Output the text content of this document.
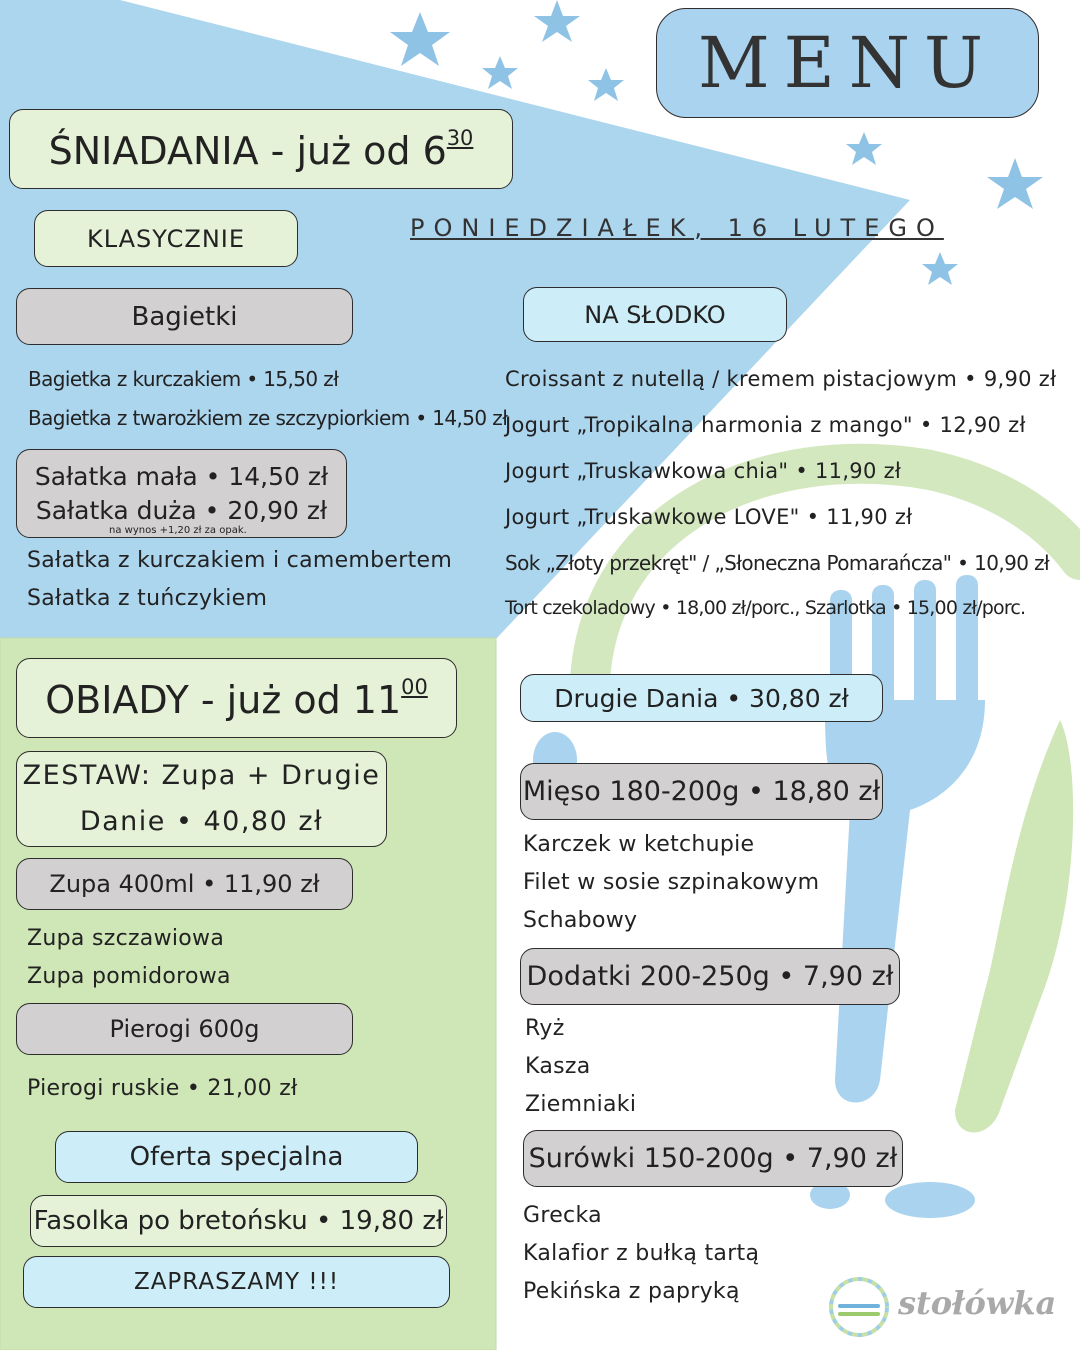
MENU
ŚNIADANIA - już od $6^{30}$
KLASYCZNIE	PONIEDZIAŁEK, 16 LUTEGO
Bagietki	NA SŁODKO
Bagietka z kurczakiem • 15,50 zł
Bagietka z twarożkiem ze szczypiorkiem • 14,50 zł
Sałatka mała • 14,50 zł
Sałatka duża • 20,90 zł
na wynos +1,20 zł za opak.
Sałatka z kurczakiem i camembertem
Sałatka z tuńczykiem
Croissant z nutellą / kremem pistacjowym • 9,90 zł
Jogurt „Tropikalna harmonia z mango" • 12,90 zł
Jogurt „Truskawkowa chia" • 11,90 zł
Jogurt „Truskawkowe LOVE" • 11,90 zł
Sok „Złoty przekręt" / „Słoneczna Pomarańcza" • 10,90 zł
Tort czekoladowy • 18,00 zł/porc., Szarlotka • 15,00 zł/porc.
OBIADY - już od $11^{00}$
ZESTAW: Zupa + Drugie
Danie • 40,80 zł
Zupa 400ml • 11,90 zł
Zupa szczawiowa
Zupa pomidorowa
Pierogi 600g
Pierogi ruskie • 21,00 zł
Oferta specjalna
Fasolka po bretońsku • 19,80 zł
ZAPRASZAMY !!!
Drugie Dania • 30,80 zł
Mięso 180-200g • 18,80 zł
Karczek w ketchupie
Filet w sosie szpinakowym
Schabowy
Dodatki 200-250g • 7,90 zł
Ryż
Kasza
Ziemniaki
Surówki 150-200g • 7,90 zł
Grecka
Kalafior z bułką tartą
Pekińska z papryką	stołówka
